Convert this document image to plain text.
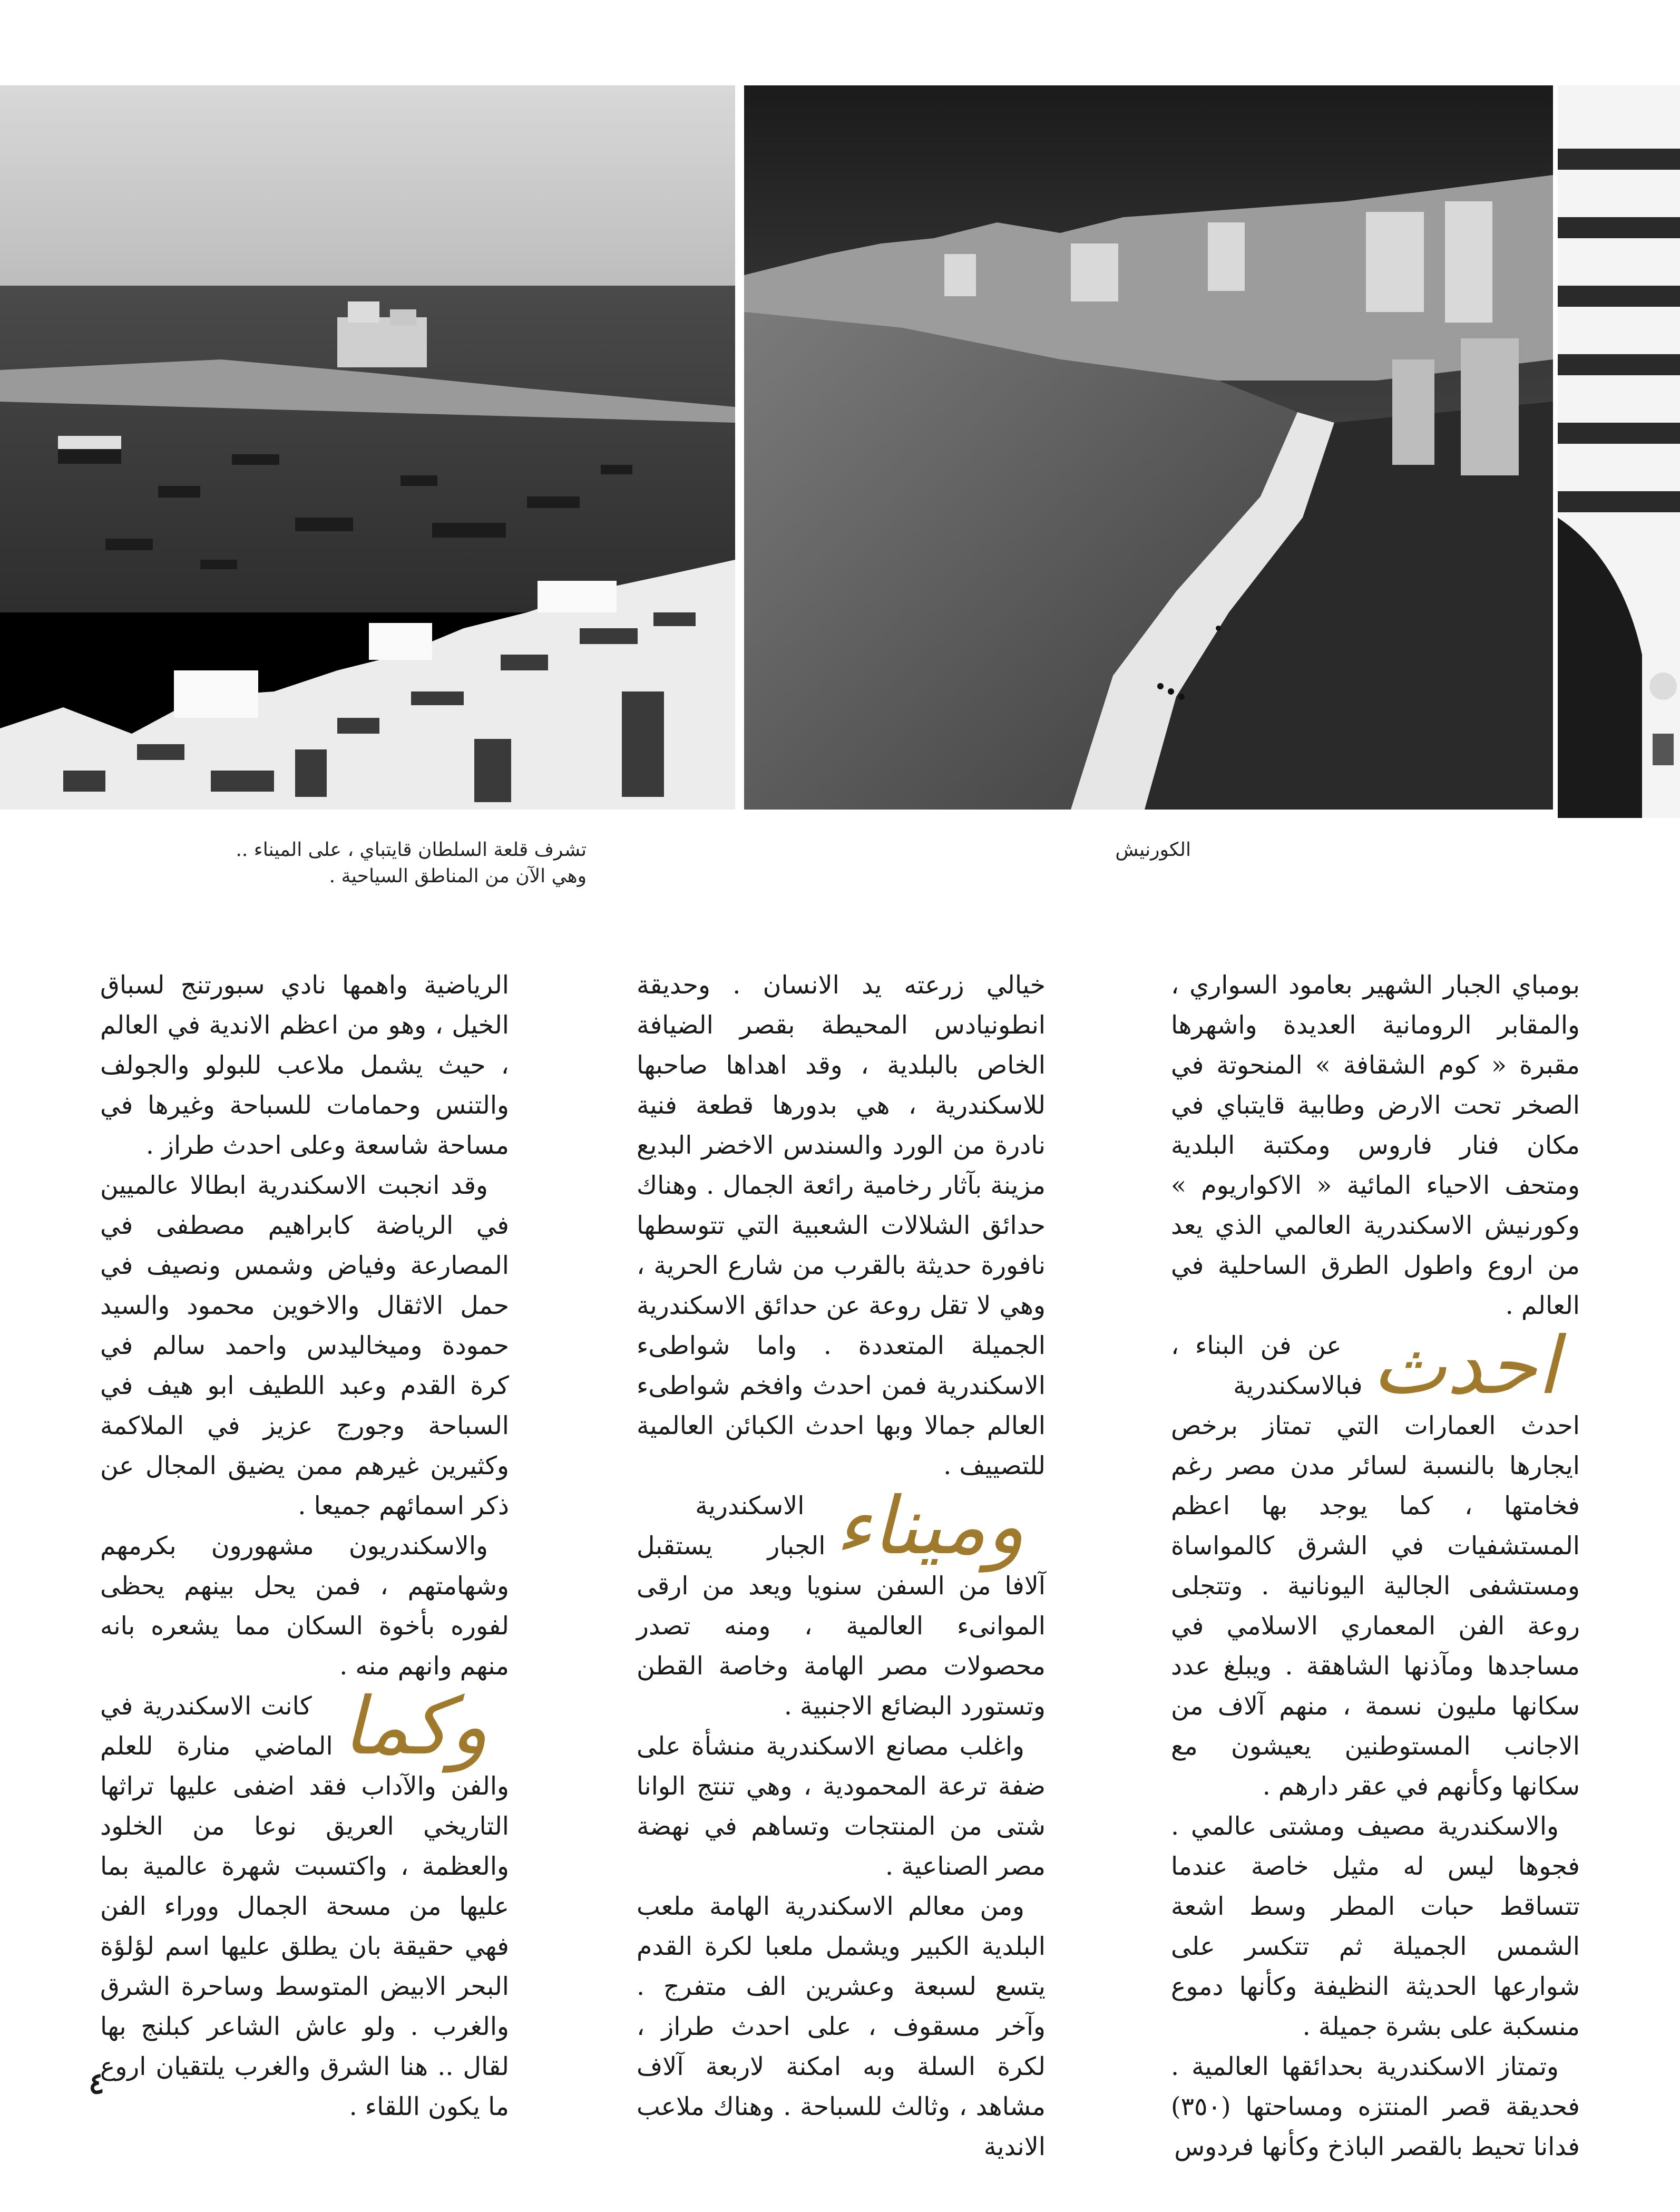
تشرف قلعة السلطان قايتباي ، على الميناء ..
وهي الآن من المناطق السياحية .
الكورنيش

بومباي الجبار الشهير بعامود السواري ، والمقابر الرومانية العديدة واشهرها مقبرة « كوم الشقافة » المنحوتة في الصخر تحت الارض وطابية قايتباي في مكان فنار فاروس ومكتبة البلدية ومتحف الاحياء المائية « الاكواريوم » وكورنيش الاسكندرية العالمي الذي يعد من اروع واطول الطرق الساحلية في العالم .

احدث
عن فن البناء ، فبالاسكندرية احدث العمارات التي تمتاز برخص ايجارها بالنسبة لسائر مدن مصر رغم فخامتها ، كما يوجد بها اعظم المستشفيات في الشرق كالمواساة ومستشفى الجالية اليونانية . وتتجلى روعة الفن المعماري الاسلامي في مساجدها ومآذنها الشاهقة . ويبلغ عدد سكانها مليون نسمة ، منهم آلاف من الاجانب المستوطنين يعيشون مع سكانها وكأنهم في عقر دارهم .

والاسكندرية مصيف ومشتى عالمي . فجوها ليس له مثيل خاصة عندما تتساقط حبات المطر وسط اشعة الشمس الجميلة ثم تتكسر على شوارعها الحديثة النظيفة وكأنها دموع منسكبة على بشرة جميلة .

وتمتاز الاسكندرية بحدائقها العالمية . فحديقة قصر المنتزه ومساحتها (٣٥٠) فدانا تحيط بالقصر الباذخ وكأنها فردوس

خيالي زرعته يد الانسان . وحديقة انطونيادس المحيطة بقصر الضيافة الخاص بالبلدية ، وقد اهداها صاحبها للاسكندرية ، هي بدورها قطعة فنية نادرة من الورد والسندس الاخضر البديع مزينة بآثار رخامية رائعة الجمال . وهناك حدائق الشلالات الشعبية التي تتوسطها نافورة حديثة بالقرب من شارع الحرية ، وهي لا تقل روعة عن حدائق الاسكندرية الجميلة المتعددة . واما شواطىء الاسكندرية فمن احدث وافخم شواطىء العالم جمالا وبها احدث الكبائن العالمية للتصييف .

وميناء
الاسكندرية الجبار يستقبل آلافا من السفن سنويا ويعد من ارقى الموانىء العالمية ، ومنه تصدر محصولات مصر الهامة وخاصة القطن وتستورد البضائع الاجنبية .

واغلب مصانع الاسكندرية منشأة على ضفة ترعة المحمودية ، وهي تنتج الوانا شتى من المنتجات وتساهم في نهضة مصر الصناعية .

ومن معالم الاسكندرية الهامة ملعب البلدية الكبير ويشمل ملعبا لكرة القدم يتسع لسبعة وعشرين الف متفرج . وآخر مسقوف ، على احدث طراز ، لكرة السلة وبه امكنة لاربعة آلاف مشاهد ، وثالث للسباحة . وهناك ملاعب الاندية

الرياضية واهمها نادي سبورتنج لسباق الخيل ، وهو من اعظم الاندية في العالم ، حيث يشمل ملاعب للبولو والجولف والتنس وحمامات للسباحة وغيرها في مساحة شاسعة وعلى احدث طراز .

وقد انجبت الاسكندرية ابطالا عالميين في الرياضة كابراهيم مصطفى في المصارعة وفياض وشمس ونصيف في حمل الاثقال والاخوين محمود والسيد حمودة وميخاليدس واحمد سالم في كرة القدم وعبد اللطيف ابو هيف في السباحة وجورج عزيز في الملاكمة وكثيرين غيرهم ممن يضيق المجال عن ذكر اسمائهم جميعا .

والاسكندريون مشهورون بكرمهم وشهامتهم ، فمن يحل بينهم يحظى لفوره بأخوة السكان مما يشعره بانه منهم وانهم منه .

وكما
كانت الاسكندرية في الماضي منارة للعلم والفن والآداب فقد اضفى عليها تراثها التاريخي العريق نوعا من الخلود والعظمة ، واكتسبت شهرة عالمية بما عليها من مسحة الجمال ووراء الفن فهي حقيقة بان يطلق عليها اسم لؤلؤة البحر الابيض المتوسط وساحرة الشرق والغرب . ولو عاش الشاعر كبلنج بها لقال .. هنا الشرق والغرب يلتقيان اروع ما يكون اللقاء .

٤
